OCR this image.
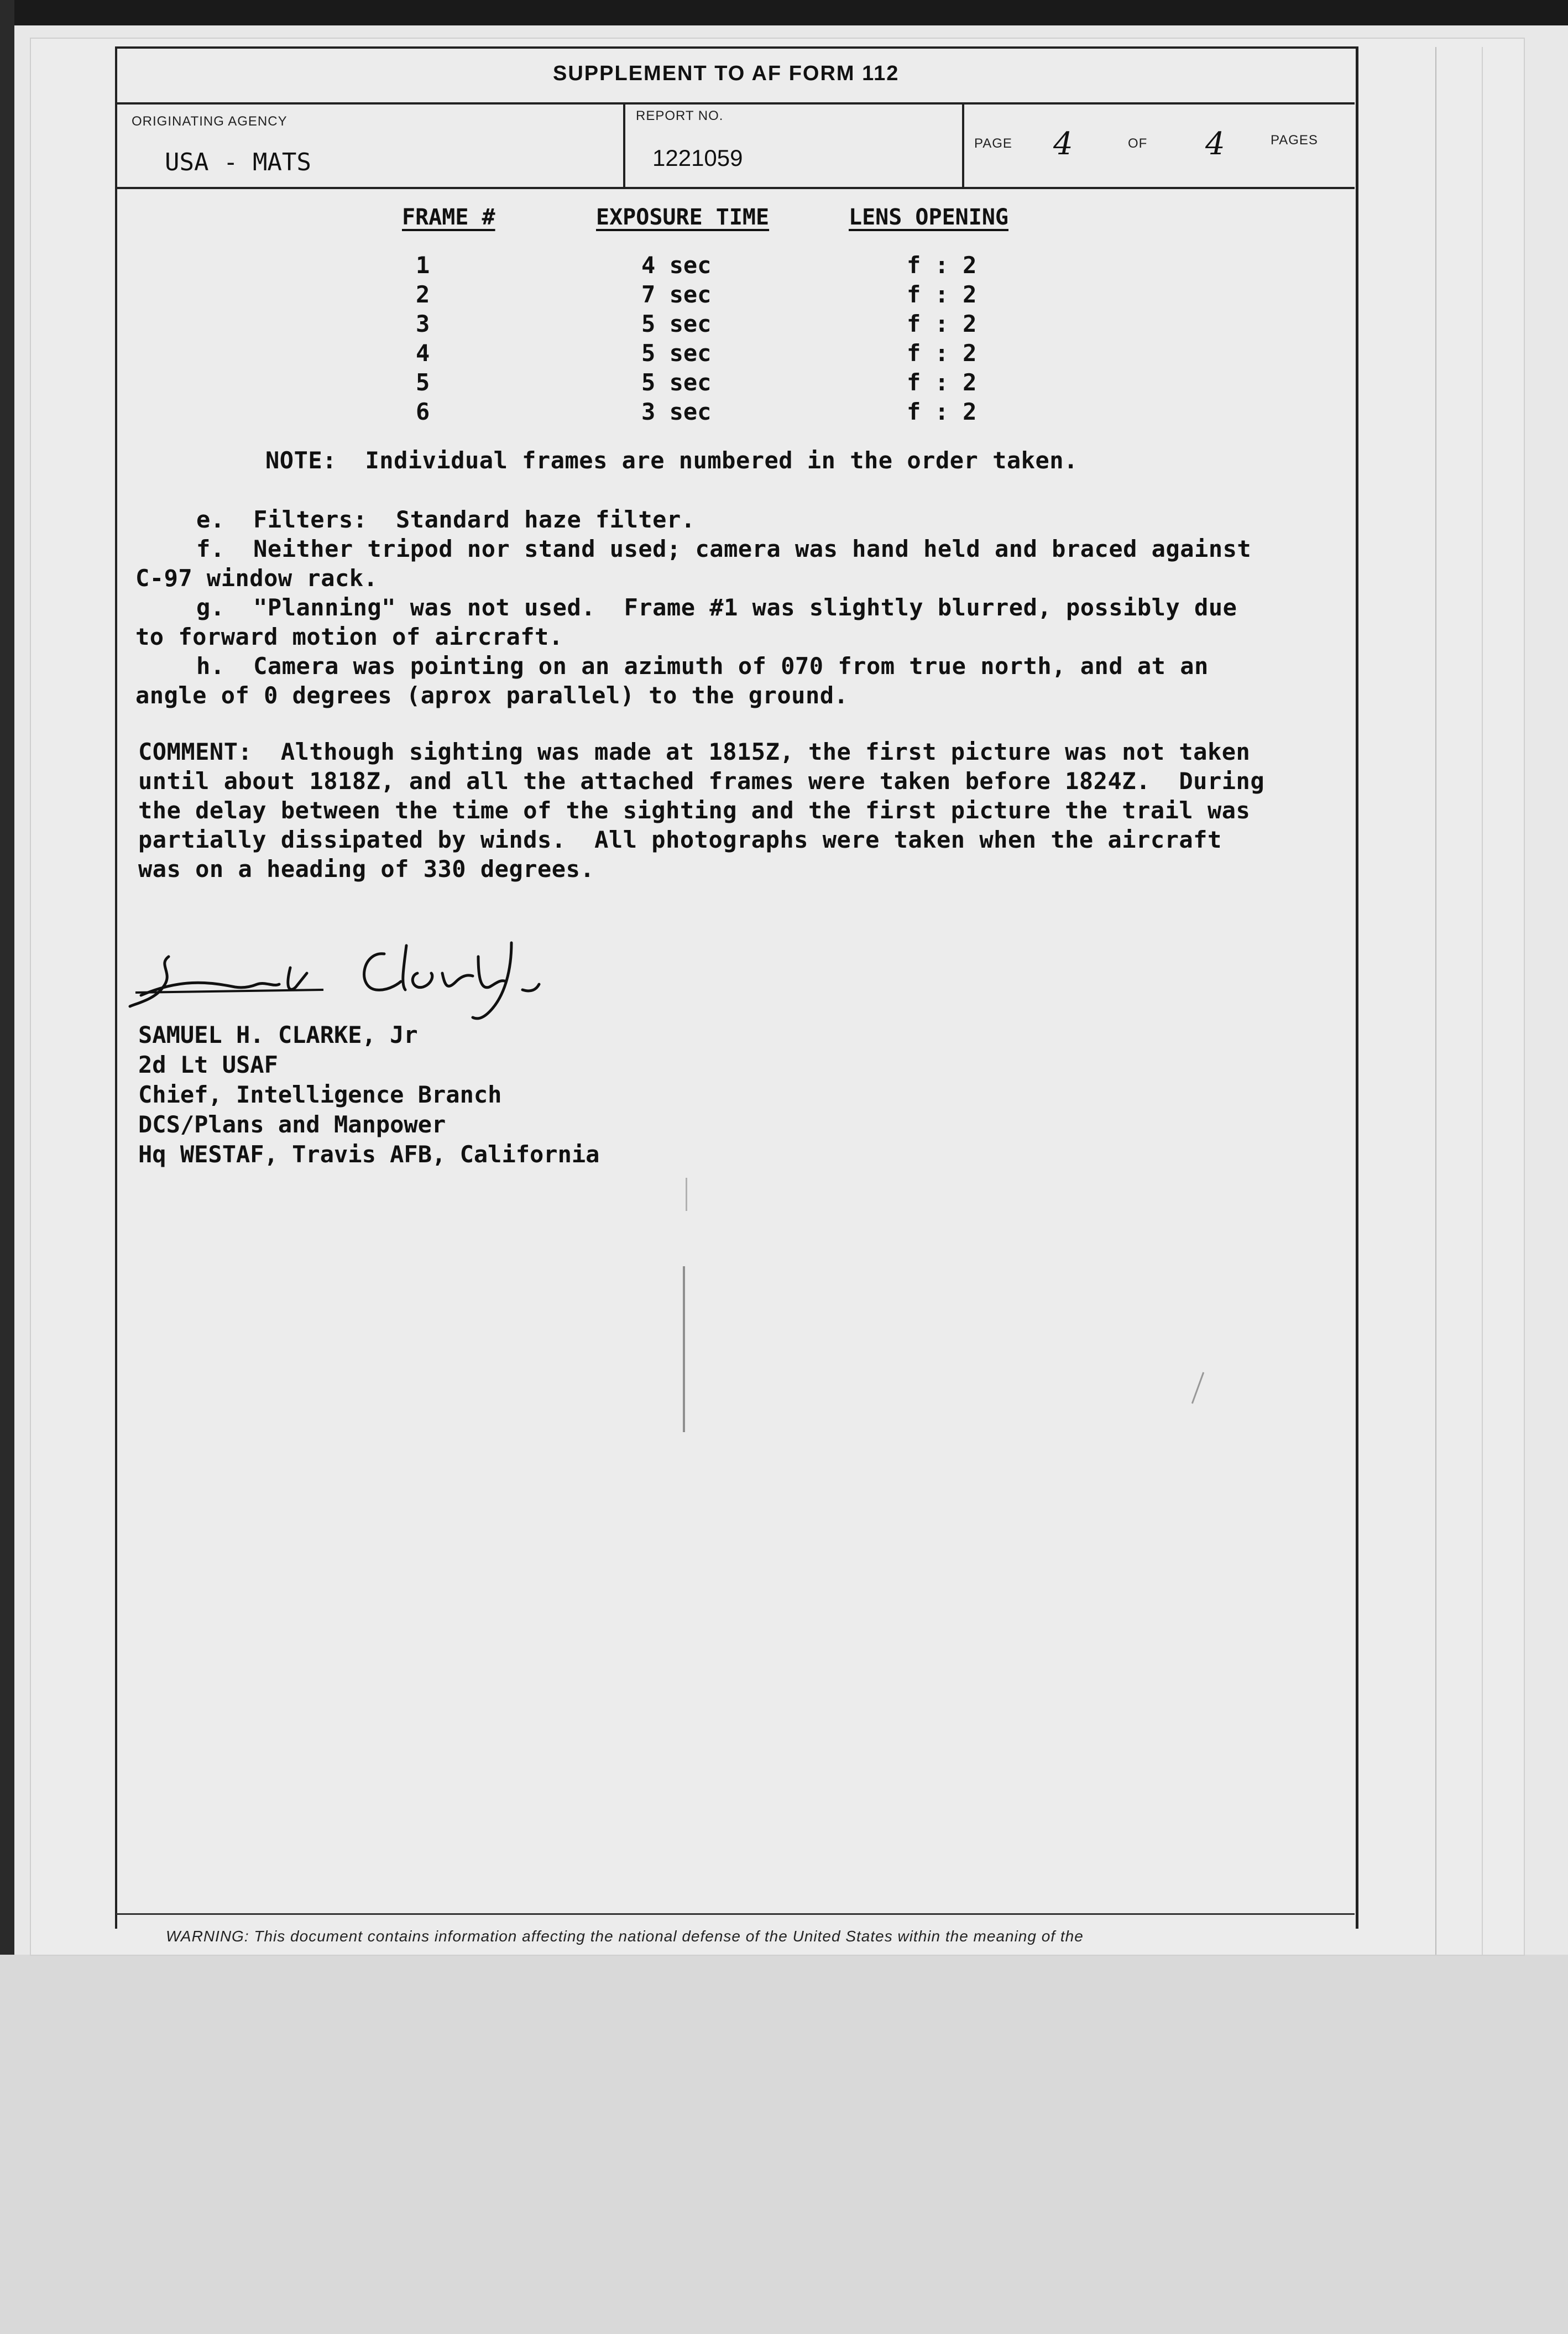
SUPPLEMENT TO AF FORM 112
ORIGINATING AGENCY
USA - MATS
REPORT NO.
1221059
PAGE 4	OF 4	PAGES
FRAME #	EXPOSURE TIME	LENS OPENING
1	4 sec	f : 2
2	7 sec	f : 2
3	5 sec	f : 2
4	5 sec	f : 2
5	5 sec	f : 2
6	3 sec	f : 2
NOTE:  Individual frames are numbered in the order taken.
e.  Filters:  Standard haze filter.
f.  Neither tripod nor stand used; camera was hand held and braced against
C-97 window rack.
g.  "Planning" was not used.  Frame #1 was slightly blurred, possibly due
to forward motion of aircraft.
h.  Camera was pointing on an azimuth of 070 from true north, and at an
angle of 0 degrees (aprox parallel) to the ground.
COMMENT:  Although sighting was made at 1815Z, the first picture was not taken
until about 1818Z, and all the attached frames were taken before 1824Z.  During
the delay between the time of the sighting and the first picture the trail was
partially dissipated by winds.  All photographs were taken when the aircraft
was on a heading of 330 degrees.
SAMUEL H. CLARKE, Jr
2d Lt USAF
Chief, Intelligence Branch
DCS/Plans and Manpower
Hq WESTAF, Travis AFB, California
WARNING: This document contains information affecting the national defense of the United States within the meaning of the
